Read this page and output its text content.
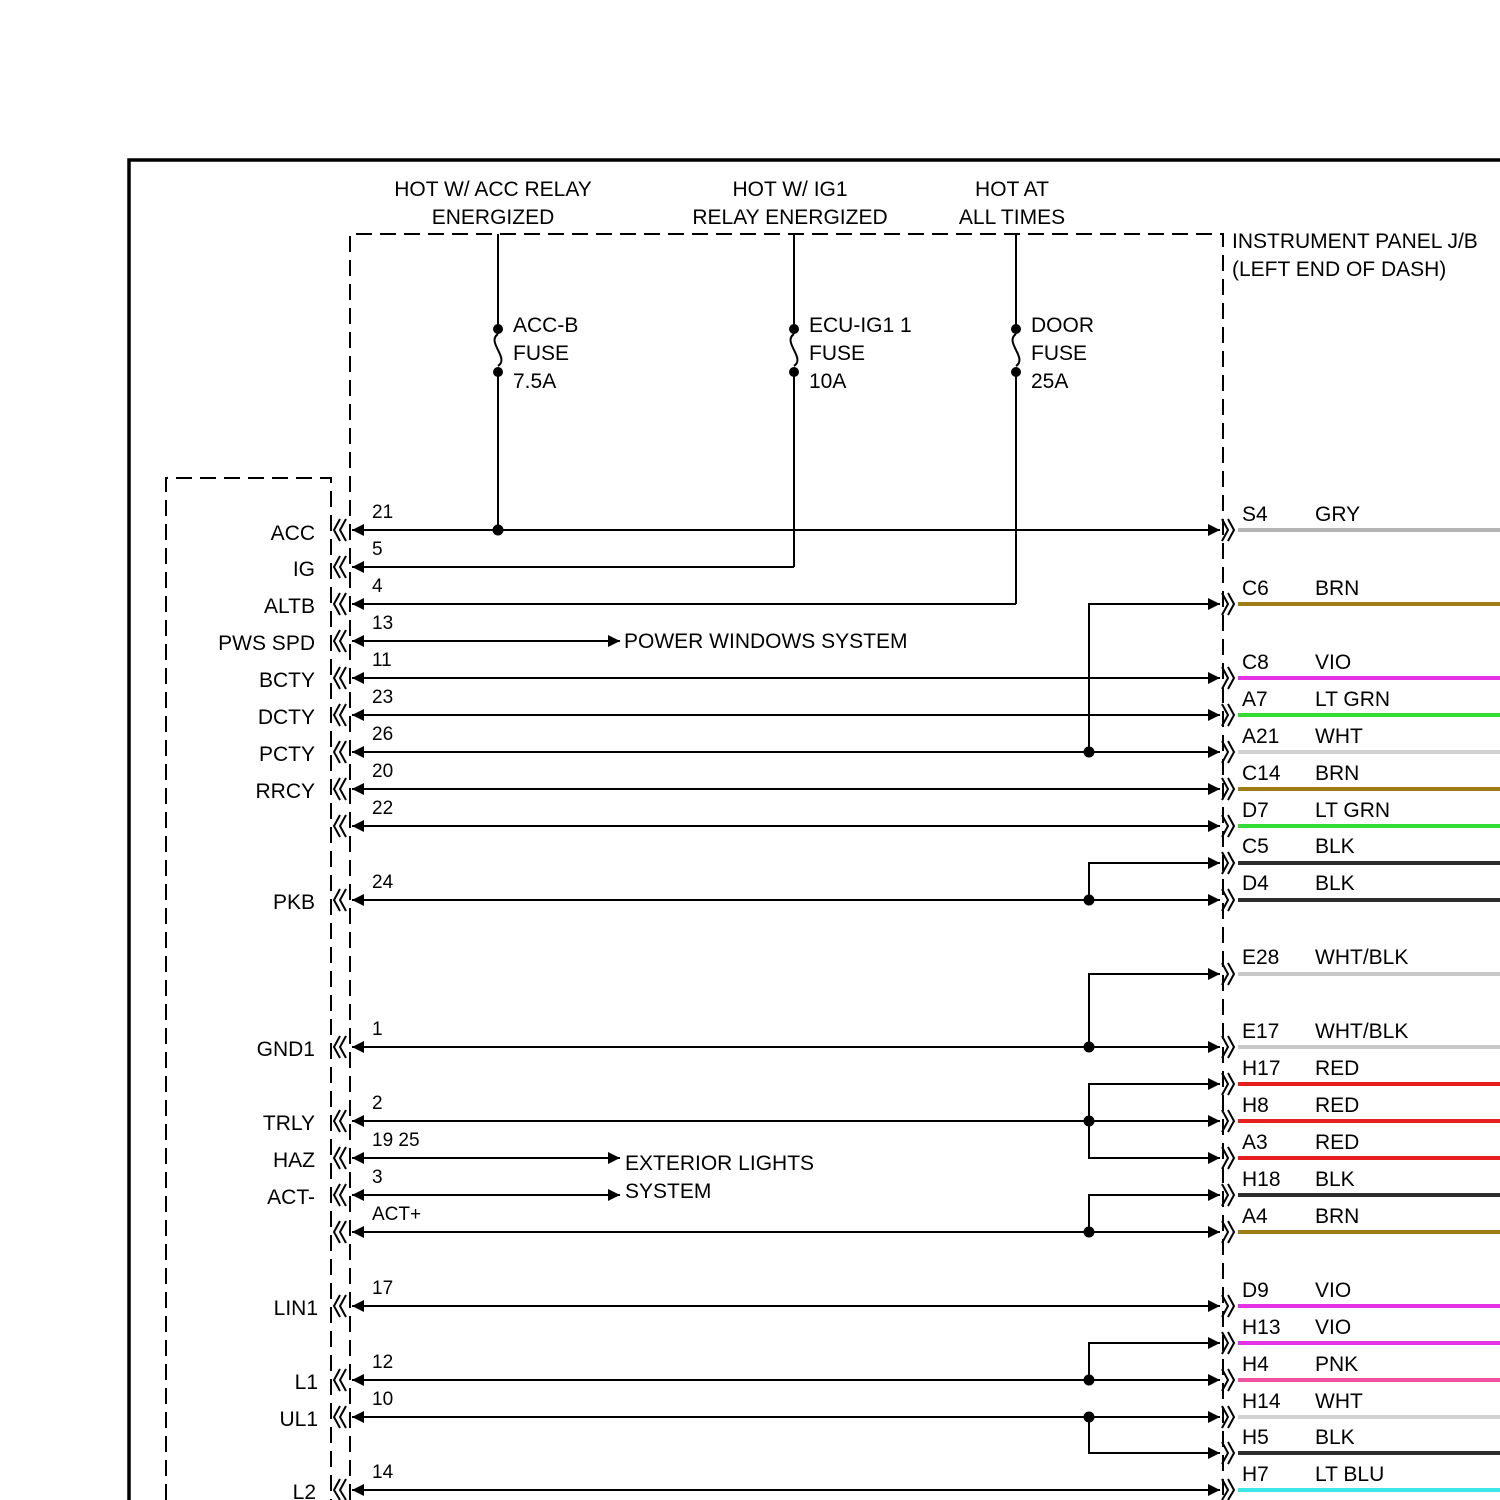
HOT W/ ACC RELAY
ENERGIZED
HOT W/ IG1
RELAY ENERGIZED
HOT AT
ALL TIMES
INSTRUMENT PANEL J/B
(LEFT END OF DASH)
ACC-B
FUSE
7.5A
ECU-IG1 1
FUSE
10A
DOOR
FUSE
25A
POWER WINDOWS SYSTEM
EXTERIOR LIGHTS
SYSTEM
ACC
IG
ALTB
PWS SPD
BCTY
DCTY
PCTY
RRCY
PKB
GND1
TRLY
HAZ
ACT-
LIN1
L1
UL1
L2
21
5
4
13
11
23
26
20
22
24
1
2
19 25
3
ACT+
17
12
10
14
S4 GRY
C6 BRN
C8 VIO
A7 LT GRN
A21 WHT
C14 BRN
D7 LT GRN
C5 BLK
D4 BLK
E28 WHT/BLK
E17 WHT/BLK
H17 RED
H8 RED
A3 RED
H18 BLK
A4 BRN
D9 VIO
H13 VIO
H4 PNK
H14 WHT
H5 BLK
H7 LT BLU
